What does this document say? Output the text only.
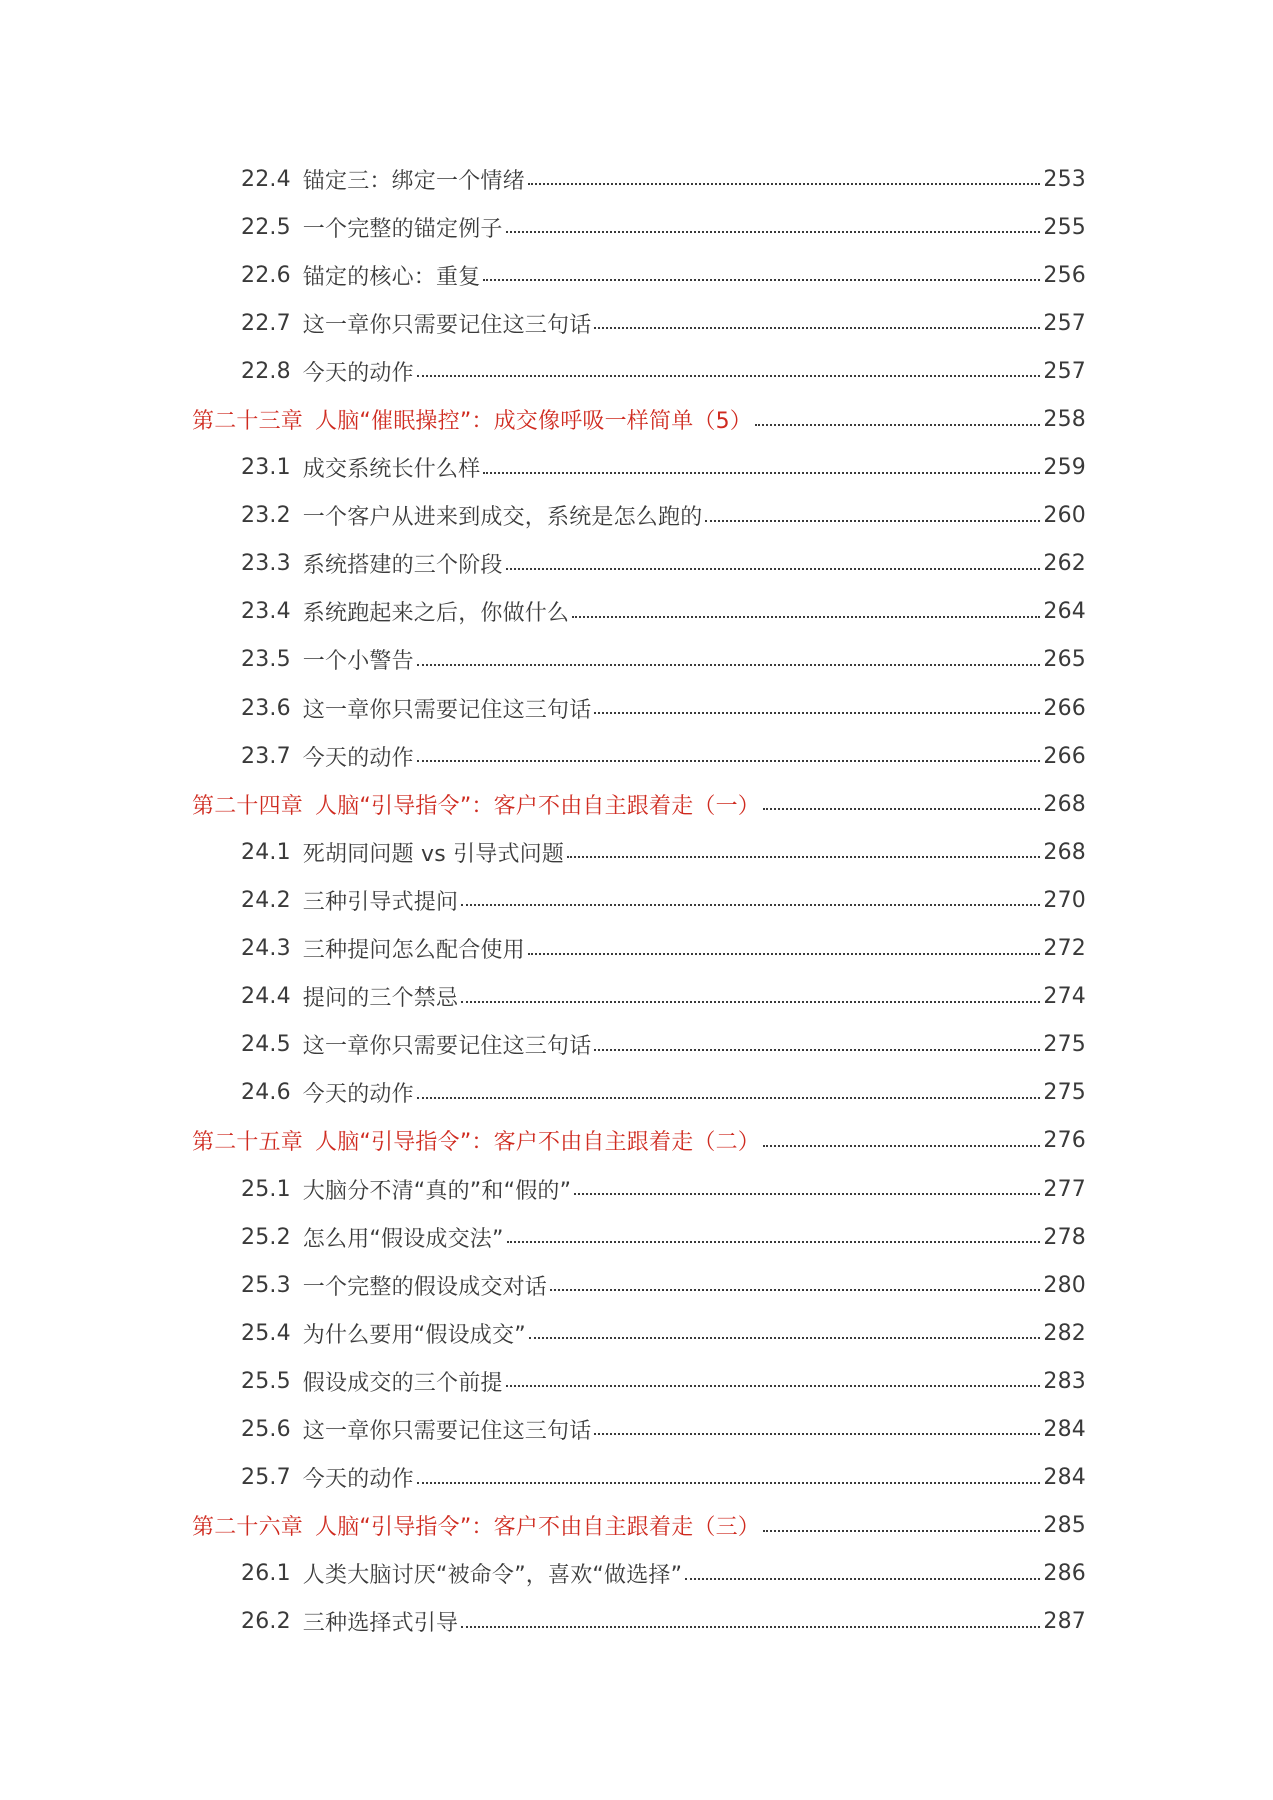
22.4 锚定三：绑定一个情绪	253
22.5 一个完整的锚定例子	255
22.6 锚定的核心：重复	256
22.7 这一章你只需要记住这三句话	257
22.8 今天的动作	257
第二十三章 人脑“催眠操控”：成交像呼吸一样简单（5）	258
23.1 成交系统长什么样	259
23.2 一个客户从进来到成交，系统是怎么跑的	260
23.3 系统搭建的三个阶段	262
23.4 系统跑起来之后，你做什么	264
23.5 一个小警告	265
23.6 这一章你只需要记住这三句话	266
23.7 今天的动作	266
第二十四章 人脑“引导指令”：客户不由自主跟着走（一）	268
24.1 死胡同问题 vs 引导式问题	268
24.2 三种引导式提问	270
24.3 三种提问怎么配合使用	272
24.4 提问的三个禁忌	274
24.5 这一章你只需要记住这三句话	275
24.6 今天的动作	275
第二十五章 人脑“引导指令”：客户不由自主跟着走（二）	276
25.1 大脑分不清“真的”和“假的”	277
25.2 怎么用“假设成交法”	278
25.3 一个完整的假设成交对话	280
25.4 为什么要用“假设成交”	282
25.5 假设成交的三个前提	283
25.6 这一章你只需要记住这三句话	284
25.7 今天的动作	284
第二十六章 人脑“引导指令”：客户不由自主跟着走（三）	285
26.1 人类大脑讨厌“被命令”，喜欢“做选择”	286
26.2 三种选择式引导	287
